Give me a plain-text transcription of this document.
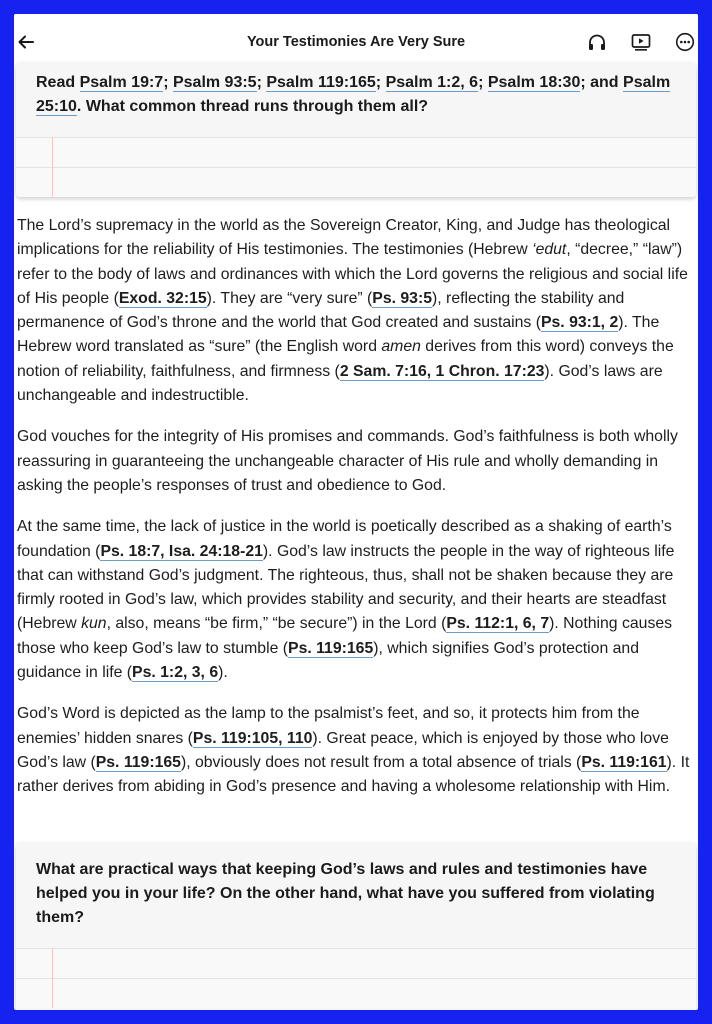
Your Testimonies Are Very Sure

Read Psalm 19:7; Psalm 93:5; Psalm 119:165; Psalm 1:2, 6; Psalm 18:30; and Psalm 25:10. What common thread runs through them all?

The Lord’s supremacy in the world as the Sovereign Creator, King, and Judge has theological implications for the reliability of His testimonies. The testimonies (Hebrew ‘edut, “decree,” “law”) refer to the body of laws and ordinances with which the Lord governs the religious and social life of His people (Exod. 32:15). They are “very sure” (Ps. 93:5), reflecting the stability and permanence of God’s throne and the world that God created and sustains (Ps. 93:1, 2). The Hebrew word translated as “sure” (the English word amen derives from this word) conveys the notion of reliability, faithfulness, and firmness (2 Sam. 7:16, 1 Chron. 17:23). God’s laws are unchangeable and indestructible.

God vouches for the integrity of His promises and commands. God’s faithfulness is both wholly reassuring in guaranteeing the unchangeable character of His rule and wholly demanding in asking the people’s responses of trust and obedience to God.

At the same time, the lack of justice in the world is poetically described as a shaking of earth’s foundation (Ps. 18:7, Isa. 24:18-21). God’s law instructs the people in the way of righteous life that can withstand God’s judgment. The righteous, thus, shall not be shaken because they are firmly rooted in God’s law, which provides stability and security, and their hearts are steadfast (Hebrew kun, also, means “be firm,” “be secure”) in the Lord (Ps. 112:1, 6, 7). Nothing causes those who keep God’s law to stumble (Ps. 119:165), which signifies God’s protection and guidance in life (Ps. 1:2, 3, 6).

God’s Word is depicted as the lamp to the psalmist’s feet, and so, it protects him from the enemies’ hidden snares (Ps. 119:105, 110). Great peace, which is enjoyed by those who love God’s law (Ps. 119:165), obviously does not result from a total absence of trials (Ps. 119:161). It rather derives from abiding in God’s presence and having a wholesome relationship with Him.

What are practical ways that keeping God’s laws and rules and testimonies have helped you in your life? On the other hand, what have you suffered from violating them?
